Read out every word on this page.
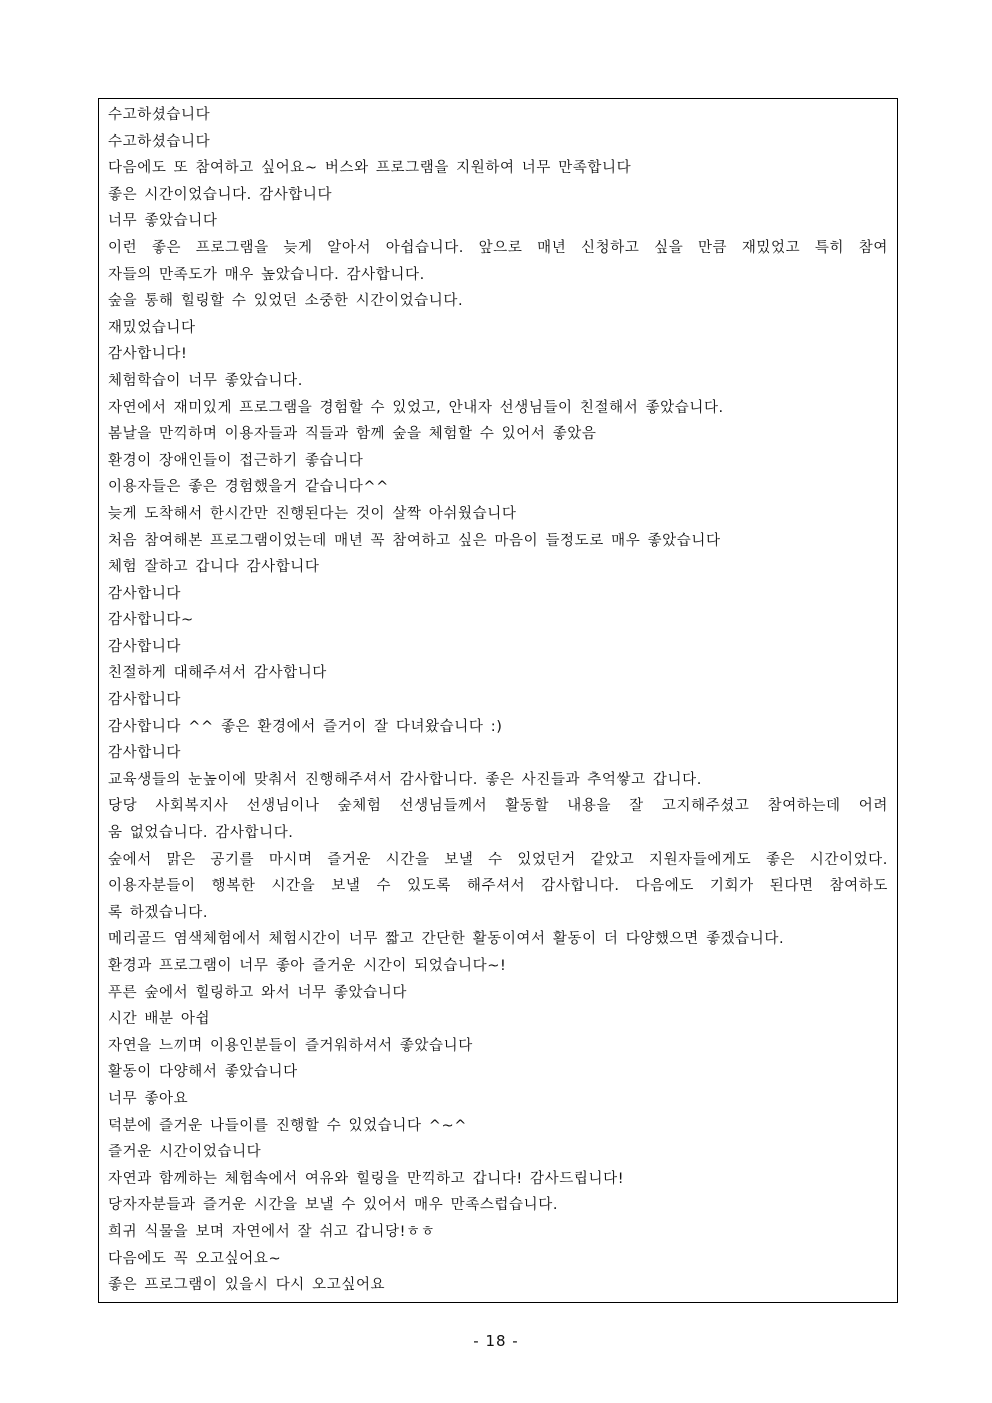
수고하셨습니다
수고하셨습니다
다음에도 또 참여하고 싶어요~ 버스와 프로그램을 지원하여 너무 만족합니다
좋은 시간이었습니다. 감사합니다
너무 좋았습니다
이런 좋은 프로그램을 늦게 알아서 아쉽습니다. 앞으로 매년 신청하고 싶을 만큼 재밌었고 특히 참여
자들의 만족도가 매우 높았습니다. 감사합니다.
숲을 통해 힐링할 수 있었던 소중한 시간이었습니다.
재밌었습니다
감사합니다!
체험학습이 너무 좋았습니다.
자연에서 재미있게 프로그램을 경험할 수 있었고, 안내자 선생님들이 친절해서 좋았습니다.
봄날을 만끽하며 이용자들과 직들과 함께 숲을 체험할 수 있어서 좋았음
환경이 장애인들이 접근하기 좋습니다
이용자들은 좋은 경험했을거 같습니다^^
늦게 도착해서 한시간만 진행된다는 것이 살짝 아쉬웠습니다
처음 참여해본 프로그램이었는데 매년 꼭 참여하고 싶은 마음이 들정도로 매우 좋았습니다
체험 잘하고 갑니다 감사합니다
감사합니다
감사합니다~
감사합니다
친절하게 대해주셔서 감사합니다
감사합니다
감사합니다 ^^ 좋은 환경에서 즐거이 잘 다녀왔습니다 :)
감사합니다
교육생들의 눈높이에 맞춰서 진행해주셔서 감사합니다. 좋은 사진들과 추억쌓고 갑니다.
당당 사회복지사 선생님이나 숲체험 선생님들께서 활동할 내용을 잘 고지해주셨고 참여하는데 어려
움 없었습니다. 감사합니다.
숲에서 맑은 공기를 마시며 즐거운 시간을 보낼 수 있었던거 같았고 지원자들에게도 좋은 시간이었다.
이용자분들이 행복한 시간을 보낼 수 있도록 해주셔서 감사합니다. 다음에도 기회가 된다면 참여하도
록 하겠습니다.
메리골드 염색체험에서 체험시간이 너무 짧고 간단한 활동이여서 활동이 더 다양했으면 좋겠습니다.
환경과 프로그램이 너무 좋아 즐거운 시간이 되었습니다~!
푸른 숲에서 힐링하고 와서 너무 좋았습니다
시간 배분 아쉽
자연을 느끼며 이용인분들이 즐거워하셔서 좋았습니다
활동이 다양해서 좋았습니다
너무 좋아요
덕분에 즐거운 나들이를 진행할 수 있었습니다 ^~^
즐거운 시간이었습니다
자연과 함께하는 체험속에서 여유와 힐링을 만끽하고 갑니다! 감사드립니다!
당자자분들과 즐거운 시간을 보낼 수 있어서 매우 만족스럽습니다.
희귀 식물을 보며 자연에서 잘 쉬고 갑니당!ㅎㅎ
다음에도 꼭 오고싶어요~
좋은 프로그램이 있을시 다시 오고싶어요
- 18 -
